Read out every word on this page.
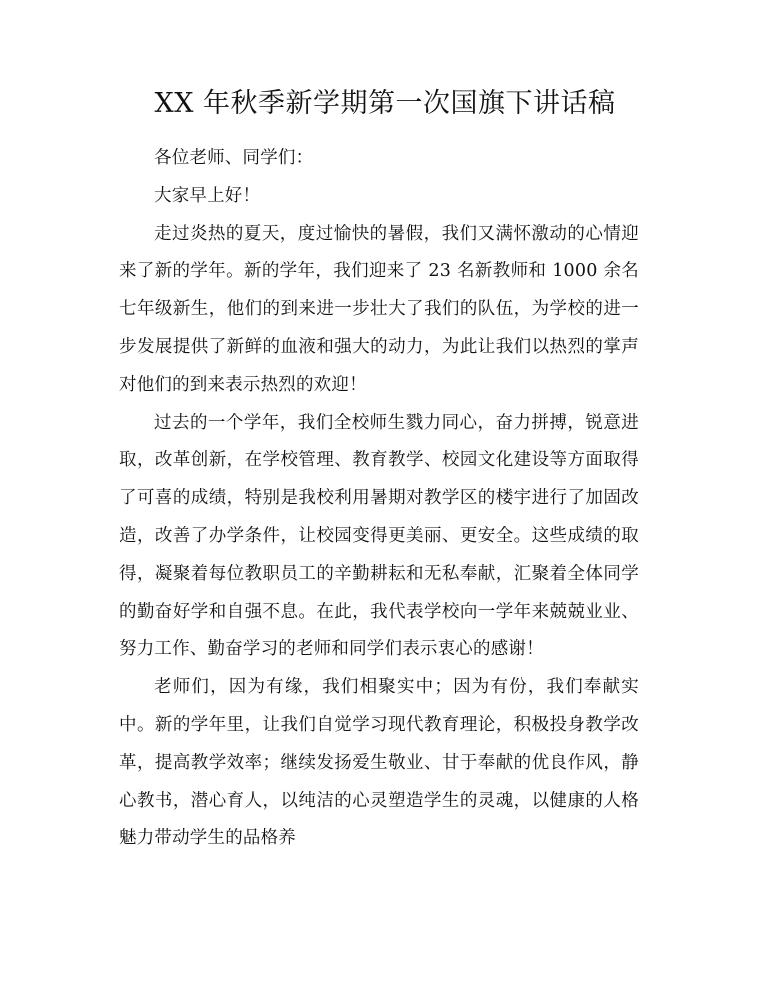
XX 年秋季新学期第一次国旗下讲话稿

各位老师、同学们：

大家早上好！

走过炎热的夏天，度过愉快的暑假，我们又满怀激动的心情迎来了新的学年。新的学年，我们迎来了 23 名新教师和 1000 余名七年级新生，他们的到来进一步壮大了我们的队伍，为学校的进一步发展提供了新鲜的血液和强大的动力，为此让我们以热烈的掌声对他们的到来表示热烈的欢迎！

过去的一个学年，我们全校师生戮力同心，奋力拼搏，锐意进取，改革创新，在学校管理、教育教学、校园文化建设等方面取得了可喜的成绩，特别是我校利用暑期对教学区的楼宇进行了加固改造，改善了办学条件，让校园变得更美丽、更安全。这些成绩的取得，凝聚着每位教职员工的辛勤耕耘和无私奉献，汇聚着全体同学的勤奋好学和自强不息。在此，我代表学校向一学年来兢兢业业、努力工作、勤奋学习的老师和同学们表示衷心的感谢！

老师们，因为有缘，我们相聚实中；因为有份，我们奉献实中。新的学年里，让我们自觉学习现代教育理论，积极投身教学改革，提高教学效率；继续发扬爱生敬业、甘于奉献的优良作风，静心教书，潜心育人，以纯洁的心灵塑造学生的灵魂，以健康的人格魅力带动学生的品格养
